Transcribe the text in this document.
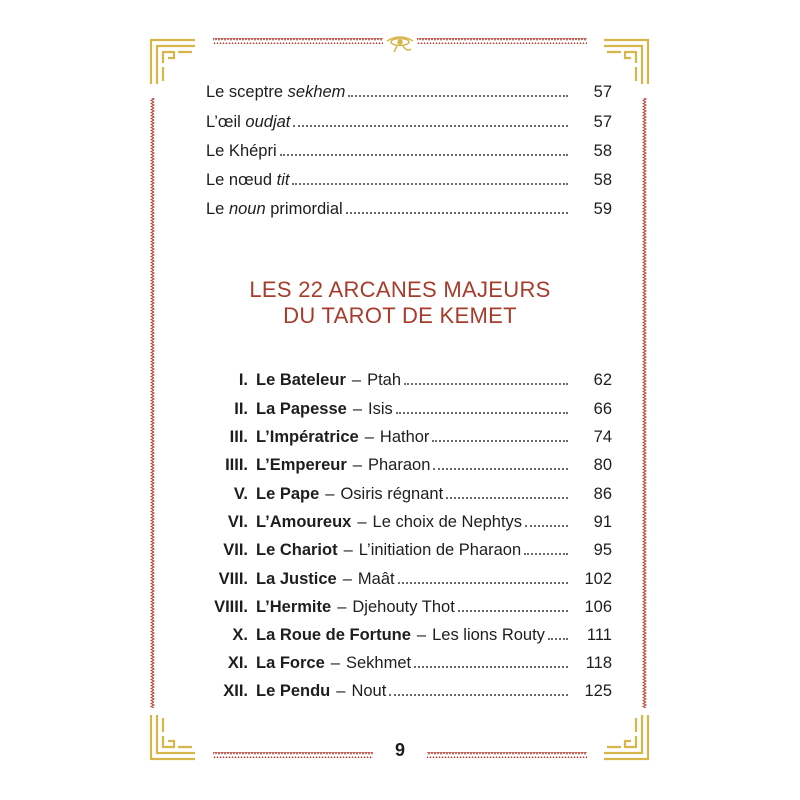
Le sceptre sekhem	57
L’œil oudjat	57
Le Khépri	58
Le nœud tit	58
Le noun primordial	59
LES 22 ARCANES MAJEURS
DU TAROT DE KEMET
I. Le Bateleur – Ptah	62
II. La Papesse – Isis	66
III. L’Impératrice – Hathor	74
IIII. L’Empereur – Pharaon	80
V. Le Pape – Osiris régnant	86
VI. L’Amoureux – Le choix de Nephtys	91
VII. Le Chariot – L’initiation de Pharaon	95
VIII. La Justice – Maât	102
VIIII. L’Hermite – Djehouty Thot	106
X. La Roue de Fortune – Les lions Routy	111
XI. La Force – Sekhmet	118
XII. Le Pendu – Nout	125
9
